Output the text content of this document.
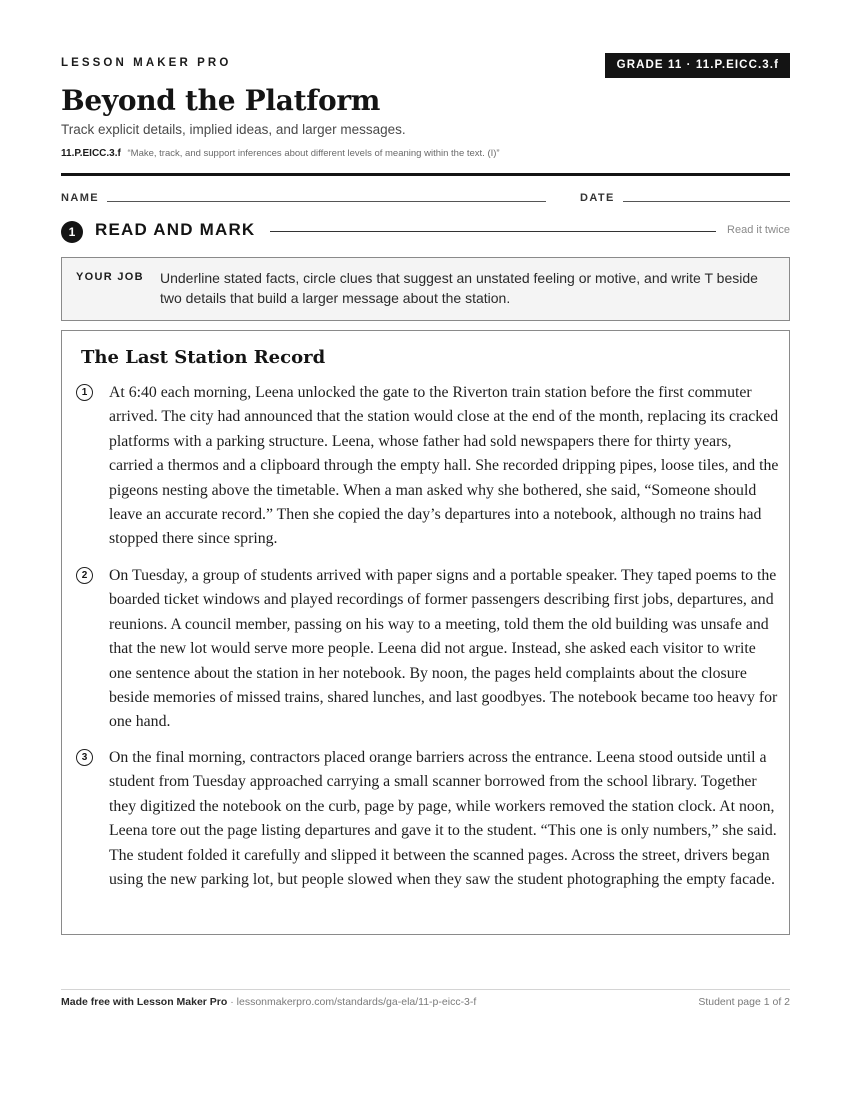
LESSON MAKER PRO	GRADE 11 · 11.P.EICC.3.f
Beyond the Platform
Track explicit details, implied ideas, and larger messages.
11.P.EICC.3.f “Make, track, and support inferences about different levels of meaning within the text. (I)”
NAME	DATE
1	READ AND MARK	Read it twice
YOUR JOB Underline stated facts, circle clues that suggest an unstated feeling or motive, and write T beside two details that build a larger message about the station.
The Last Station Record
1	At 6:40 each morning, Leena unlocked the gate to the Riverton train station before the first commuter arrived. The city had announced that the station would close at the end of the month, replacing its cracked platforms with a parking structure. Leena, whose father had sold newspapers there for thirty years, carried a thermos and a clipboard through the empty hall. She recorded dripping pipes, loose tiles, and the pigeons nesting above the timetable. When a man asked why she bothered, she said, “Someone should leave an accurate record.” Then she copied the day’s departures into a notebook, although no trains had stopped there since spring.

2	On Tuesday, a group of students arrived with paper signs and a portable speaker. They taped poems to the boarded ticket windows and played recordings of former passengers describing first jobs, departures, and reunions. A council member, passing on his way to a meeting, told them the old building was unsafe and that the new lot would serve more people. Leena did not argue. Instead, she asked each visitor to write one sentence about the station in her notebook. By noon, the pages held complaints about the closure beside memories of missed trains, shared lunches, and last goodbyes. The notebook became too heavy for one hand.

3	On the final morning, contractors placed orange barriers across the entrance. Leena stood outside until a student from Tuesday approached carrying a small scanner borrowed from the school library. Together they digitized the notebook on the curb, page by page, while workers removed the station clock. At noon, Leena tore out the page listing departures and gave it to the student. “This one is only numbers,” she said. The student folded it carefully and slipped it between the scanned pages. Across the street, drivers began using the new parking lot, but people slowed when they saw the student photographing the empty facade.

Made free with Lesson Maker Pro · lessonmakerpro.com/standards/ga-ela/11-p-eicc-3-f	Student page 1 of 2
